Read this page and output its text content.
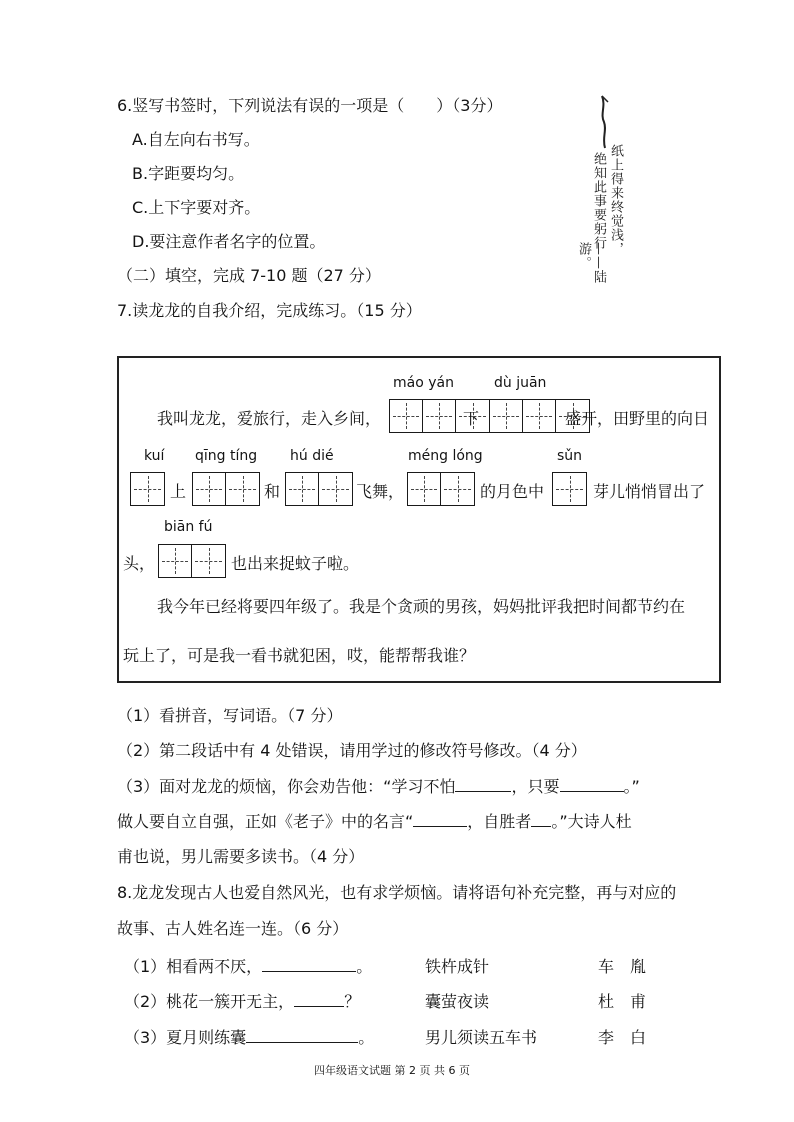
6.竖写书签时，下列说法有误的一项是（　　）（3分）
A.自左向右书写。
B.字距要均匀。
C.上下字要对齐。
D.要注意作者名字的位置。	纸上得来终觉浅，
绝知此事要躬行
——陆游。
（二）填空，完成 7-10 题（27 分）
7.读龙龙的自我介绍，完成练习。（15 分）
máo yán	dù juān
我叫龙龙，爱旅行，走入乡间，	下	盛开，田野里的向日
kuí qīng tíng hú dié	méng lóng	sǔn
上	和	飞舞，	的月色中	芽儿悄悄冒出了
biān fú
头，	也出来捉蚊子啦。
我今年已经将要四年级了。我是个贪顽的男孩，妈妈批评我把时间都节约在
玩上了，可是我一看书就犯困，哎，能帮帮我谁？
（1）看拼音，写词语。（7 分）
（2）第二段话中有 4 处错误，请用学过的修改符号修改。（4 分）
（3）面对龙龙的烦恼，你会劝告他：“学习不怕	，只要	。”
做人要自立自强，正如《老子》中的名言“	，自胜者 。”大诗人杜
甫也说，男儿需要多读书。（4 分）
8.龙龙发现古人也爱自然风光，也有求学烦恼。请将语句补充完整，再与对应的
故事、古人姓名连一连。（6 分）
（1）相看两不厌，	。	铁杵成针	车　胤
（2）桃花一簇开无主，	？	囊萤夜读	杜　甫
（3）夏月则练囊	。	男儿须读五车书	李　白
四年级语文试题 第 2 页 共 6 页
